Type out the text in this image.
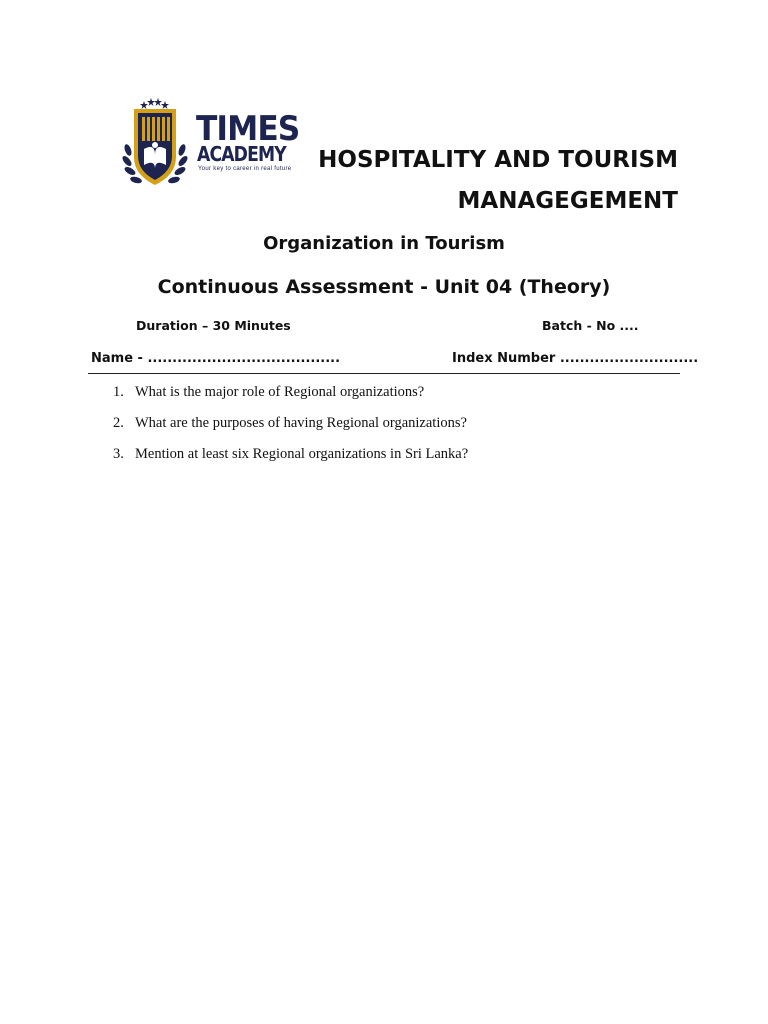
TIMES
ACADEMY
Your key to career in real future	HOSPITALITY AND TOURISM
MANAGEGEMENT
Organization in Tourism
Continuous Assessment - Unit 04 (Theory)
Duration – 30 Minutes	Batch - No ....
Name - .......................................	Index Number ............................
1. What is the major role of Regional organizations?
2. What are the purposes of having Regional organizations?
3. Mention at least six Regional organizations in Sri Lanka?
